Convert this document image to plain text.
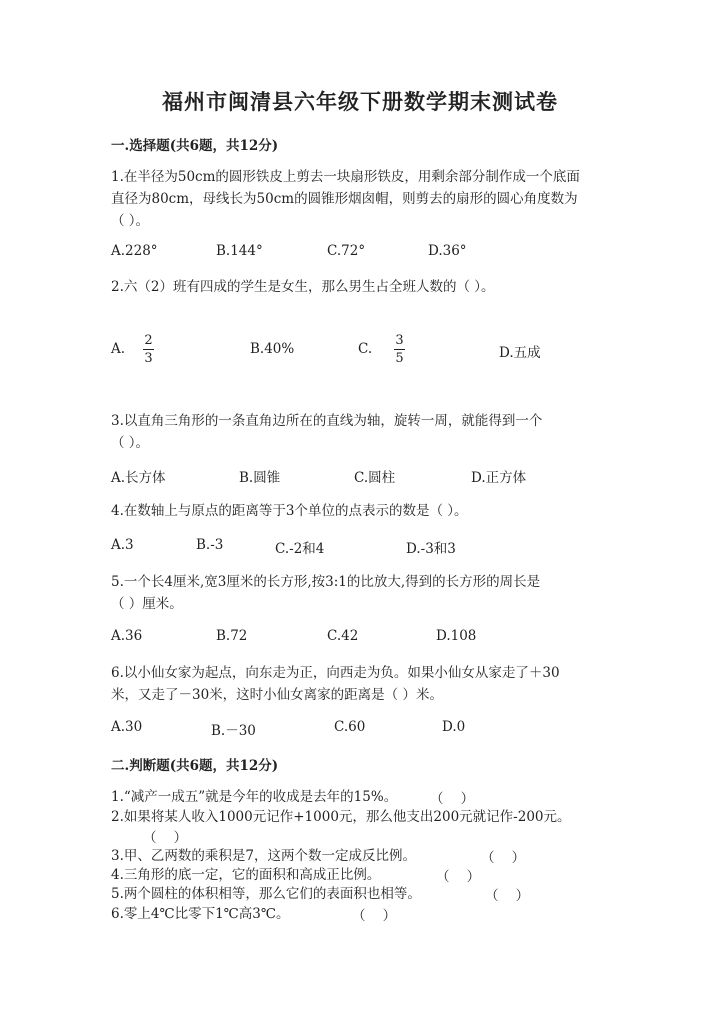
福州市闽清县六年级下册数学期末测试卷
一.选择题(共6题，共12分)
1.在半径为50cm的圆形铁皮上剪去一块扇形铁皮，用剩余部分制作成一个底面
直径为80cm，母线长为50cm的圆锥形烟囱帽，则剪去的扇形的圆心角度数为
（ ）。
A.228°	B.144°	C.72°	D.36°
2.六（2）班有四成的学生是女生，那么男生占全班人数的（ ）。
A.
2
3
B.40%	C.
3
5	D.五成
3.以直角三角形的一条直角边所在的直线为轴，旋转一周，就能得到一个
（ ）。
A.长方体	B.圆锥	C.圆柱	D.正方体
4.在数轴上与原点的距离等于3个单位的点表示的数是（ ）。
A.3	B.-3	C.-2和4	D.-3和3
5.一个长4厘米,宽3厘米的长方形,按3:1的比放大,得到的长方形的周长是
（ ）厘米。
A.36	B.72	C.42	D.108
6.以小仙女家为起点，向东走为正，向西走为负。如果小仙女从家走了＋30
米，又走了－30米，这时小仙女离家的距离是（ ）米。
A.30	B.－30	C.60	D.0
二.判断题(共6题，共12分)
1.“减产一成五”就是今年的收成是去年的15%。	（    ）
2.如果将某人收入1000元记作+1000元，那么他支出200元就记作-200元。
（    ）
3.甲、乙两数的乘积是7，这两个数一定成反比例。	（    ）
4.三角形的底一定，它的面积和高成正比例。	（    ）
5.两个圆柱的体积相等，那么它们的表面积也相等。	（    ）
6.零上4℃比零下1℃高3℃。	（    ）
